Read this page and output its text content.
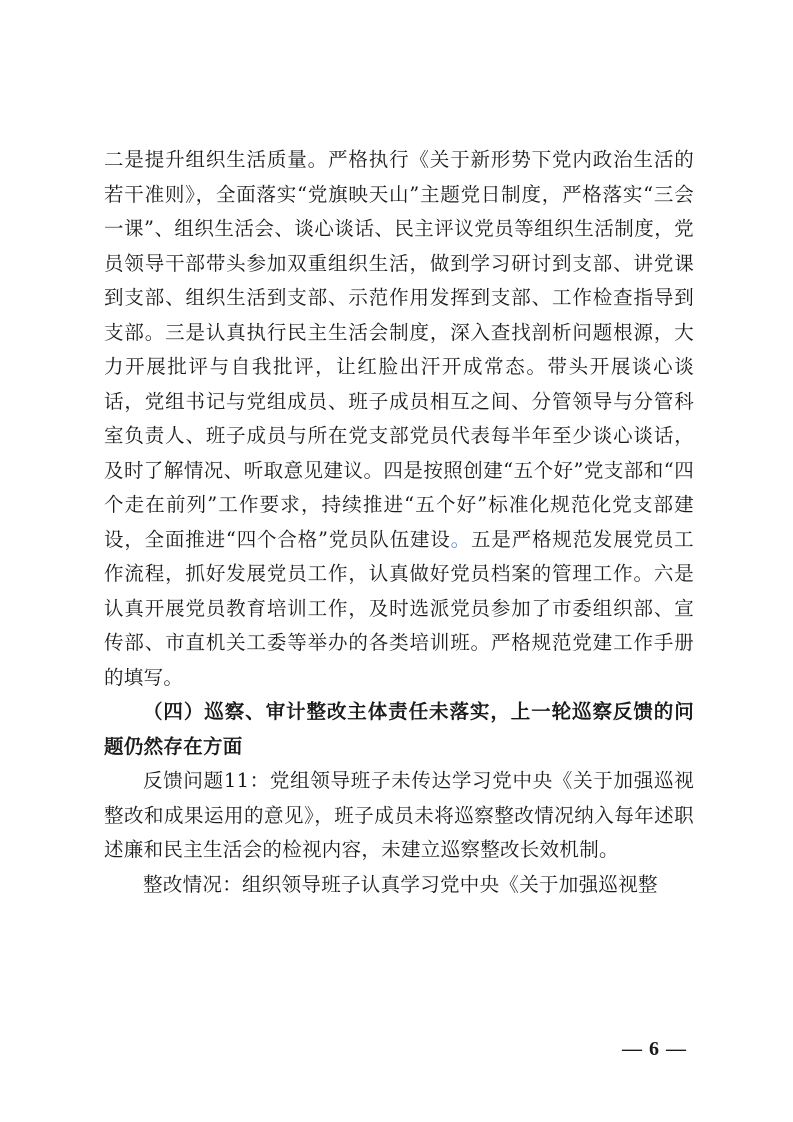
二是提升组织生活质量。严格执行《关于新形势下党内政治生活的若干准则》，全面落实“党旗映天山”主题党日制度，严格落实“三会一课”、组织生活会、谈心谈话、民主评议党员等组织生活制度，党员领导干部带头参加双重组织生活，做到学习研讨到支部、讲党课到支部、组织生活到支部、示范作用发挥到支部、工作检查指导到支部。三是认真执行民主生活会制度，深入查找剖析问题根源，大力开展批评与自我批评，让红脸出汗开成常态。带头开展谈心谈话，党组书记与党组成员、班子成员相互之间、分管领导与分管科室负责人、班子成员与所在党支部党员代表每半年至少谈心谈话，及时了解情况、听取意见建议。四是按照创建“五个好”党支部和“四个走在前列”工作要求，持续推进“五个好”标准化规范化党支部建设，全面推进“四个合格”党员队伍建设。五是严格规范发展党员工作流程，抓好发展党员工作，认真做好党员档案的管理工作。六是认真开展党员教育培训工作，及时选派党员参加了市委组织部、宣传部、市直机关工委等举办的各类培训班。严格规范党建工作手册的填写。

（四）巡察、审计整改主体责任未落实，上一轮巡察反馈的问题仍然存在方面

反馈问题11：党组领导班子未传达学习党中央《关于加强巡视整改和成果运用的意见》，班子成员未将巡察整改情况纳入每年述职述廉和民主生活会的检视内容，未建立巡察整改长效机制。

整改情况：组织领导班子认真学习党中央《关于加强巡视整

— 6 —
